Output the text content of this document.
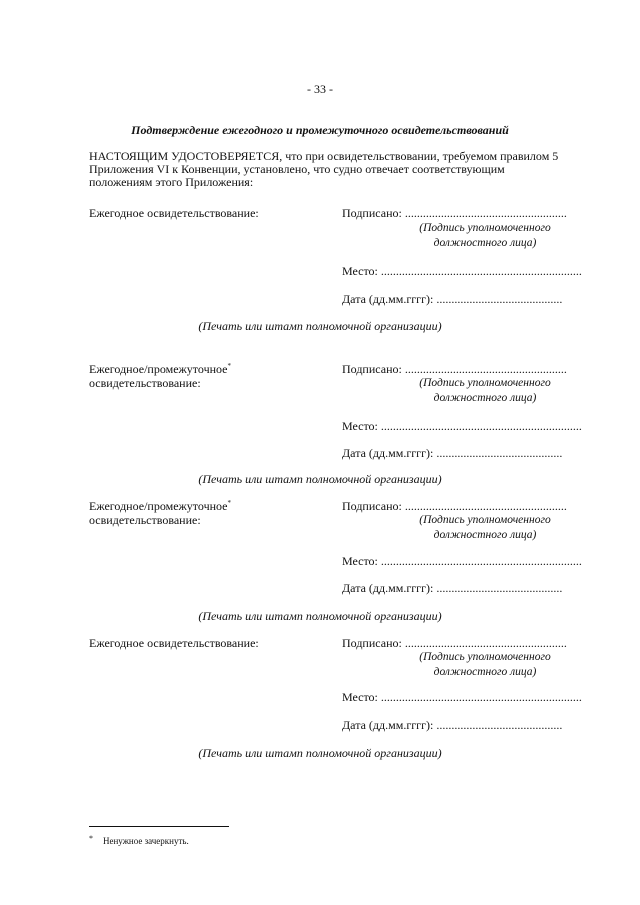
- 33 -
Подтверждение ежегодного и промежуточного освидетельствований
НАСТОЯЩИМ УДОСТОВЕРЯЕТСЯ, что при освидетельствовании, требуемом правилом 5 Приложения VI к Конвенции, установлено, что судно отвечает соответствующим положениям этого Приложения:
Ежегодное освидетельствование:	Подписано: ......................................................
(Подпись уполномоченного
должностного лица)
Место: ...................................................................
Дата (дд.мм.гггг): ..........................................
(Печать или штамп полномочной организации)
Ежегодное/промежуточное*
освидетельствование:
Подписано: ......................................................
(Подпись уполномоченного
должностного лица)
Место: ...................................................................
Дата (дд.мм.гггг): ..........................................
(Печать или штамп полномочной организации)
Ежегодное/промежуточное*
освидетельствование:
Подписано: ......................................................
(Подпись уполномоченного
должностного лица)
Место: ...................................................................
Дата (дд.мм.гггг): ..........................................
(Печать или штамп полномочной организации)
Ежегодное освидетельствование:	Подписано: ......................................................
(Подпись уполномоченного
должностного лица)
Место: ...................................................................
Дата (дд.мм.гггг): ..........................................
(Печать или штамп полномочной организации)
* Ненужное зачеркнуть.
